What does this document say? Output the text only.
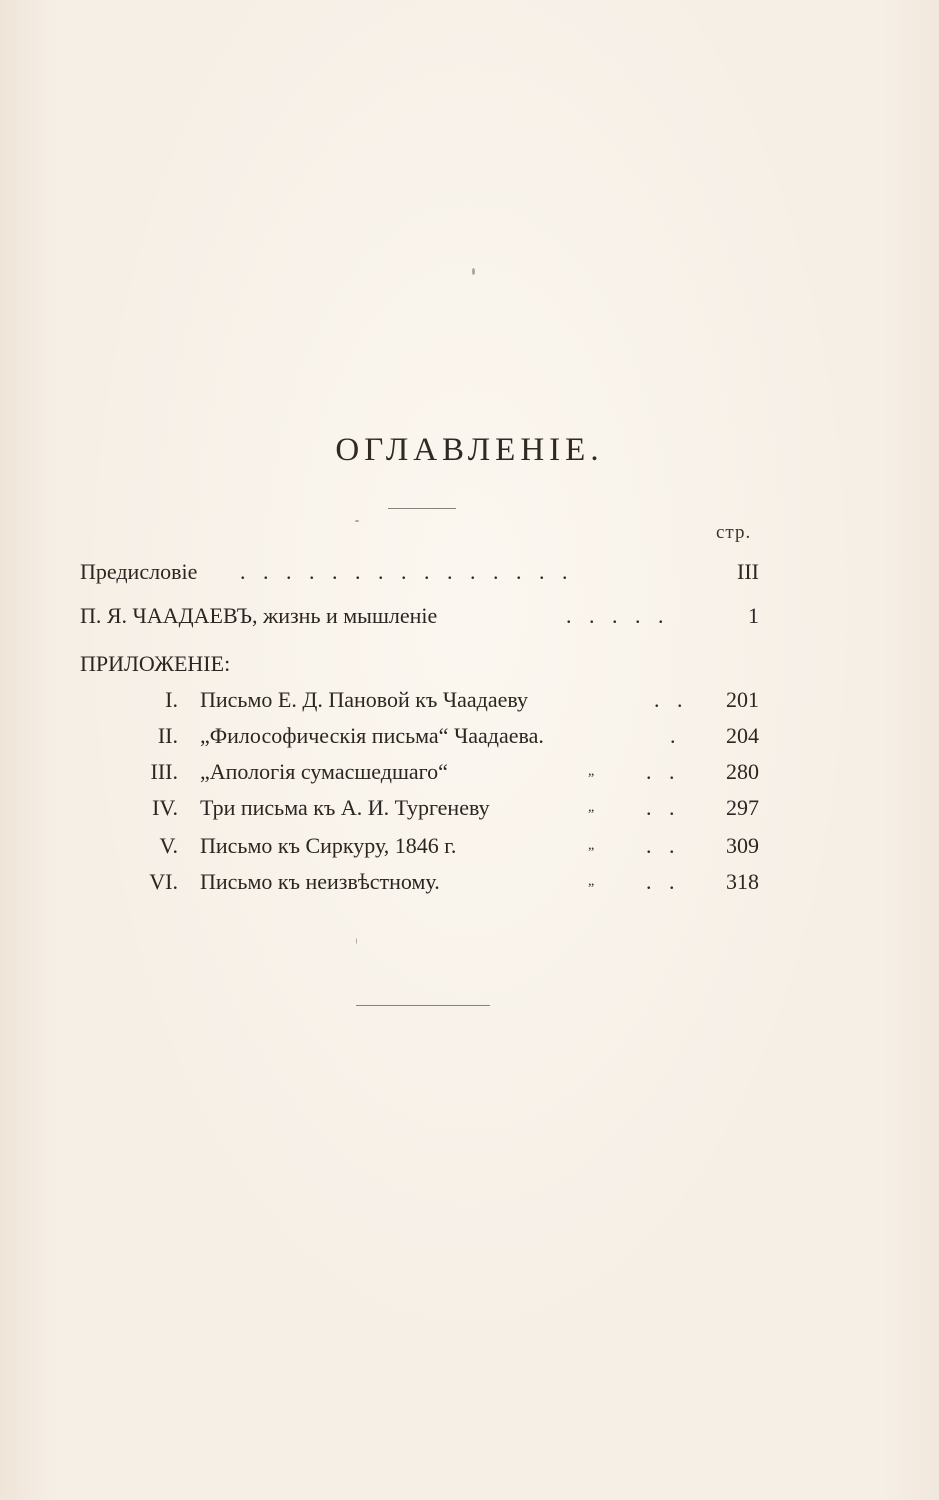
ОГЛАВЛЕНІЕ.
стр.
Предисловіе . . . . . . . . . . . . . . .	III
П. Я. ЧААДАЕВЪ, жизнь и мышленіе	. . . . .	1
ПРИЛОЖЕНІЕ:
I. Письмо Е. Д. Пановой къ Чаадаеву	. .	201
II. „Философическія письма“ Чаадаева.	.	204
III. „Апологія сумасшедшаго“	„ . .	280
IV. Три письма къ А. И. Тургеневу	„ . .	297
V. Письмо къ Сиркуру, 1846 г.	„ . .	309
VI. Письмо къ неизвѣстному.	„ . .	318
